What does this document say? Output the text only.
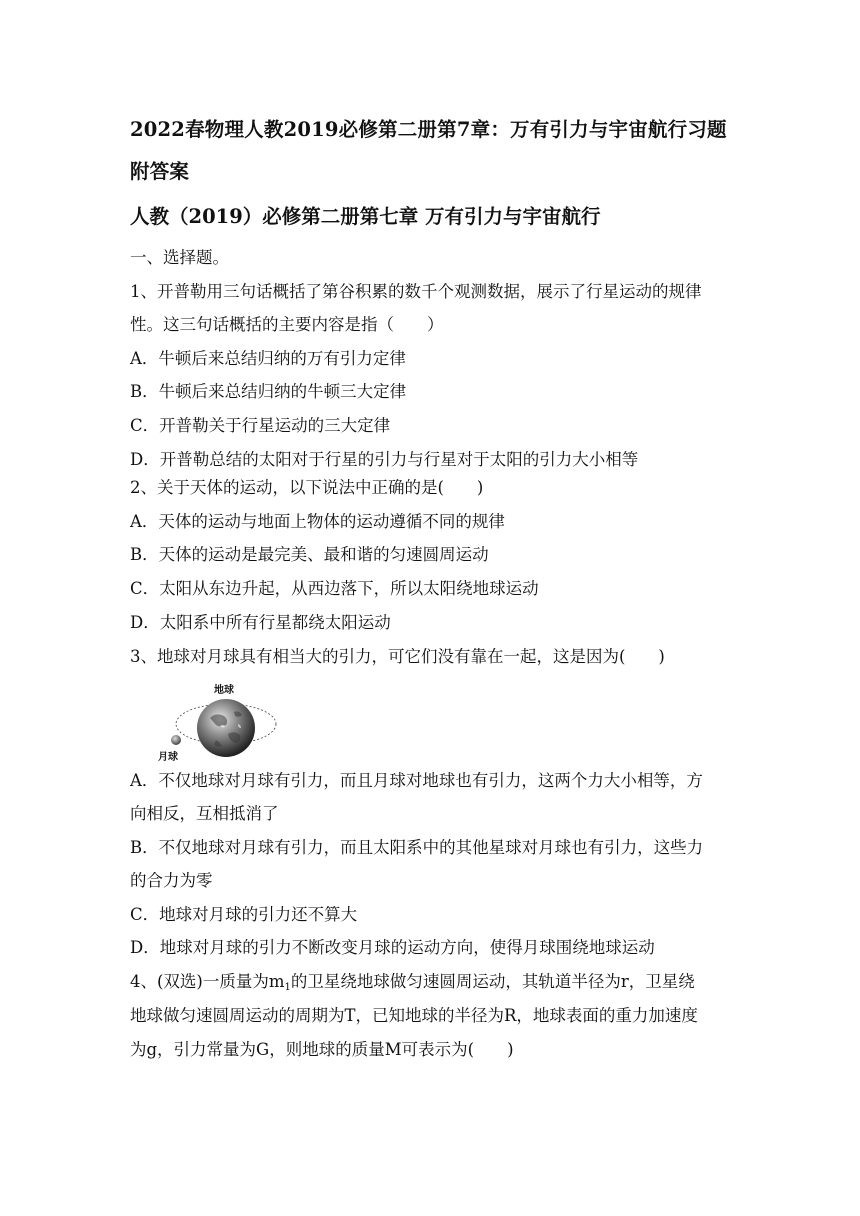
2022春物理人教2019必修第二册第7章：万有引力与宇宙航行习题
附答案
人教（2019）必修第二册第七章 万有引力与宇宙航行
一、选择题。
1、开普勒用三句话概括了第谷积累的数千个观测数据，展示了行星运动的规律
性。这三句话概括的主要内容是指（　　）
A．牛顿后来总结归纳的万有引力定律
B．牛顿后来总结归纳的牛顿三大定律
C．开普勒关于行星运动的三大定律
D．开普勒总结的太阳对于行星的引力与行星对于太阳的引力大小相等
2、关于天体的运动，以下说法中正确的是(　　)
A．天体的运动与地面上物体的运动遵循不同的规律
B．天体的运动是最完美、最和谐的匀速圆周运动
C．太阳从东边升起，从西边落下，所以太阳绕地球运动
D．太阳系中所有行星都绕太阳运动
3、地球对月球具有相当大的引力，可它们没有靠在一起，这是因为(　　)
地球
月球
A．不仅地球对月球有引力，而且月球对地球也有引力，这两个力大小相等，方
向相反，互相抵消了
B．不仅地球对月球有引力，而且太阳系中的其他星球对月球也有引力，这些力
的合力为零
C．地球对月球的引力还不算大
D．地球对月球的引力不断改变月球的运动方向，使得月球围绕地球运动
4、(双选)一质量为$m_1$的卫星绕地球做匀速圆周运动，其轨道半径为r，卫星绕
地球做匀速圆周运动的周期为T，已知地球的半径为R，地球表面的重力加速度
为g，引力常量为G，则地球的质量M可表示为(　　)
